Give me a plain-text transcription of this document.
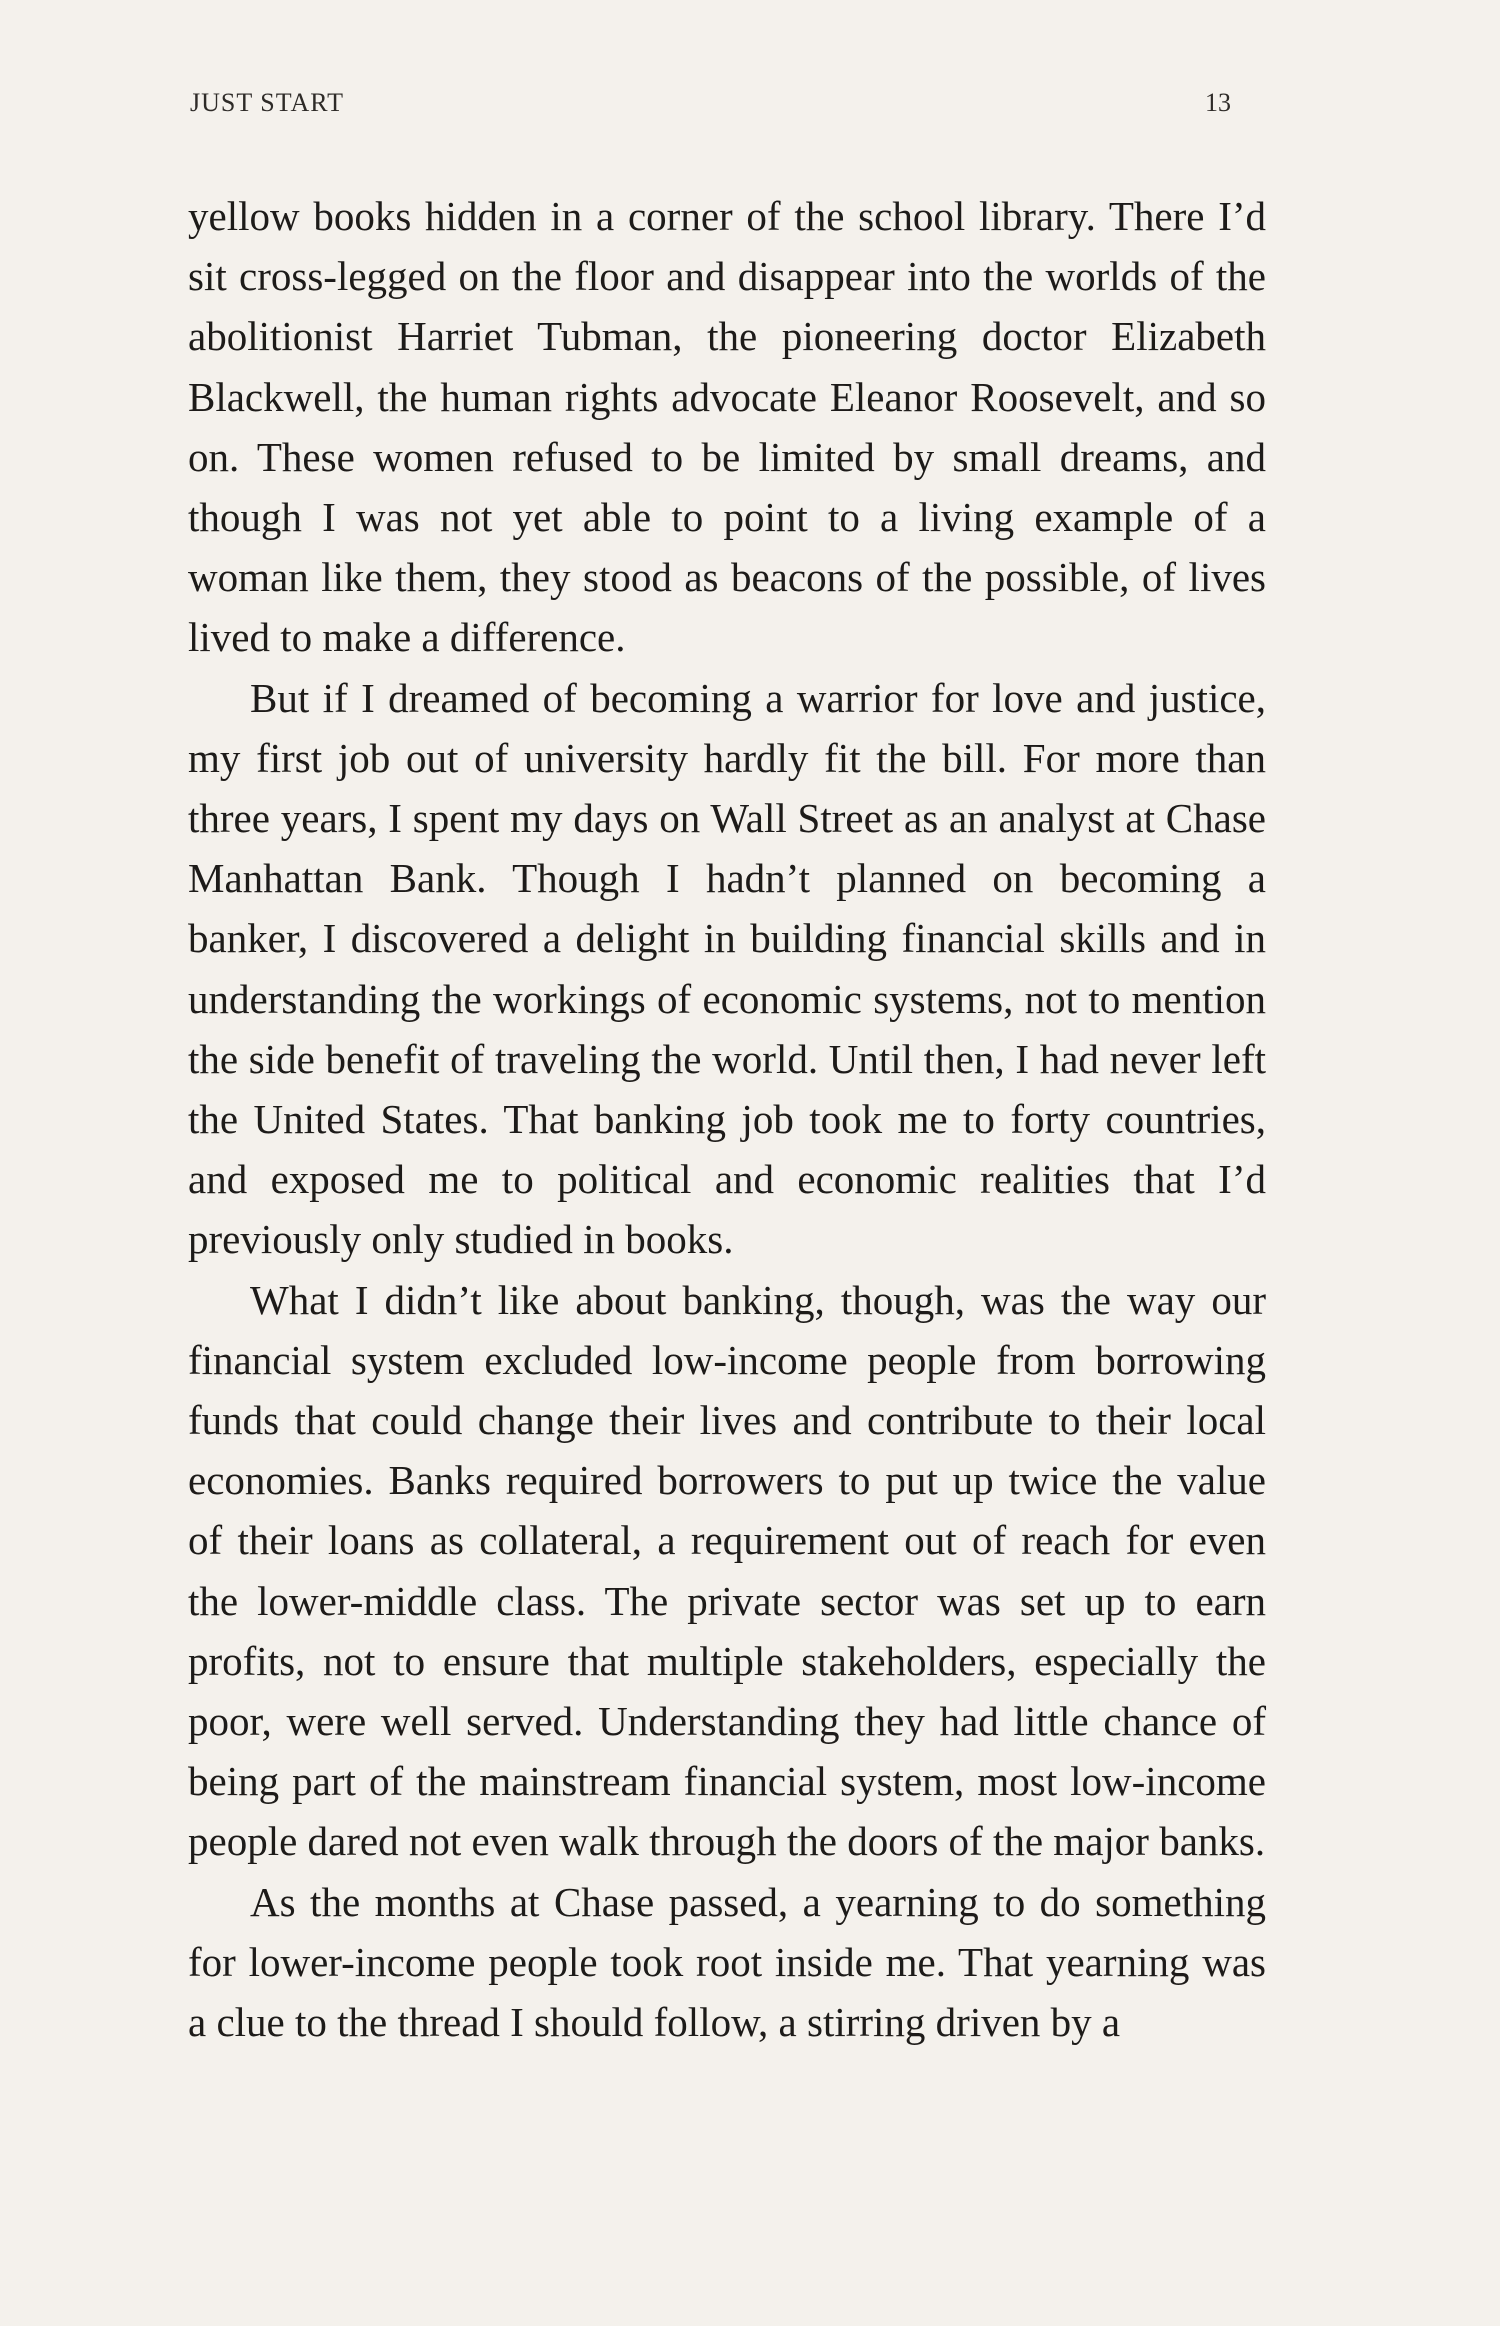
JUST START	13

yellow books hidden in a corner of the school library. There I’d sit cross-legged on the floor and disappear into the worlds of the abolitionist Harriet Tubman, the pioneering doctor Elizabeth Blackwell, the human rights advocate Eleanor Roosevelt, and so on. These women refused to be limited by small dreams, and though I was not yet able to point to a living example of a woman like them, they stood as beacons of the possible, of lives lived to make a difference.

But if I dreamed of becoming a warrior for love and justice, my first job out of university hardly fit the bill. For more than three years, I spent my days on Wall Street as an analyst at Chase Manhattan Bank. Though I hadn’t planned on becoming a banker, I discovered a delight in building financial skills and in understanding the workings of economic systems, not to mention the side benefit of traveling the world. Until then, I had never left the United States. That banking job took me to forty countries, and exposed me to political and economic realities that I’d previously only studied in books.

What I didn’t like about banking, though, was the way our financial system excluded low-income people from borrowing funds that could change their lives and contribute to their local economies. Banks required borrowers to put up twice the value of their loans as collateral, a requirement out of reach for even the lower-middle class. The private sector was set up to earn profits, not to ensure that multiple stakeholders, especially the poor, were well served. Understanding they had little chance of being part of the mainstream financial system, most low-income people dared not even walk through the doors of the major banks.

As the months at Chase passed, a yearning to do something for lower-income people took root inside me. That yearning was a clue to the thread I should follow, a stirring driven by a
